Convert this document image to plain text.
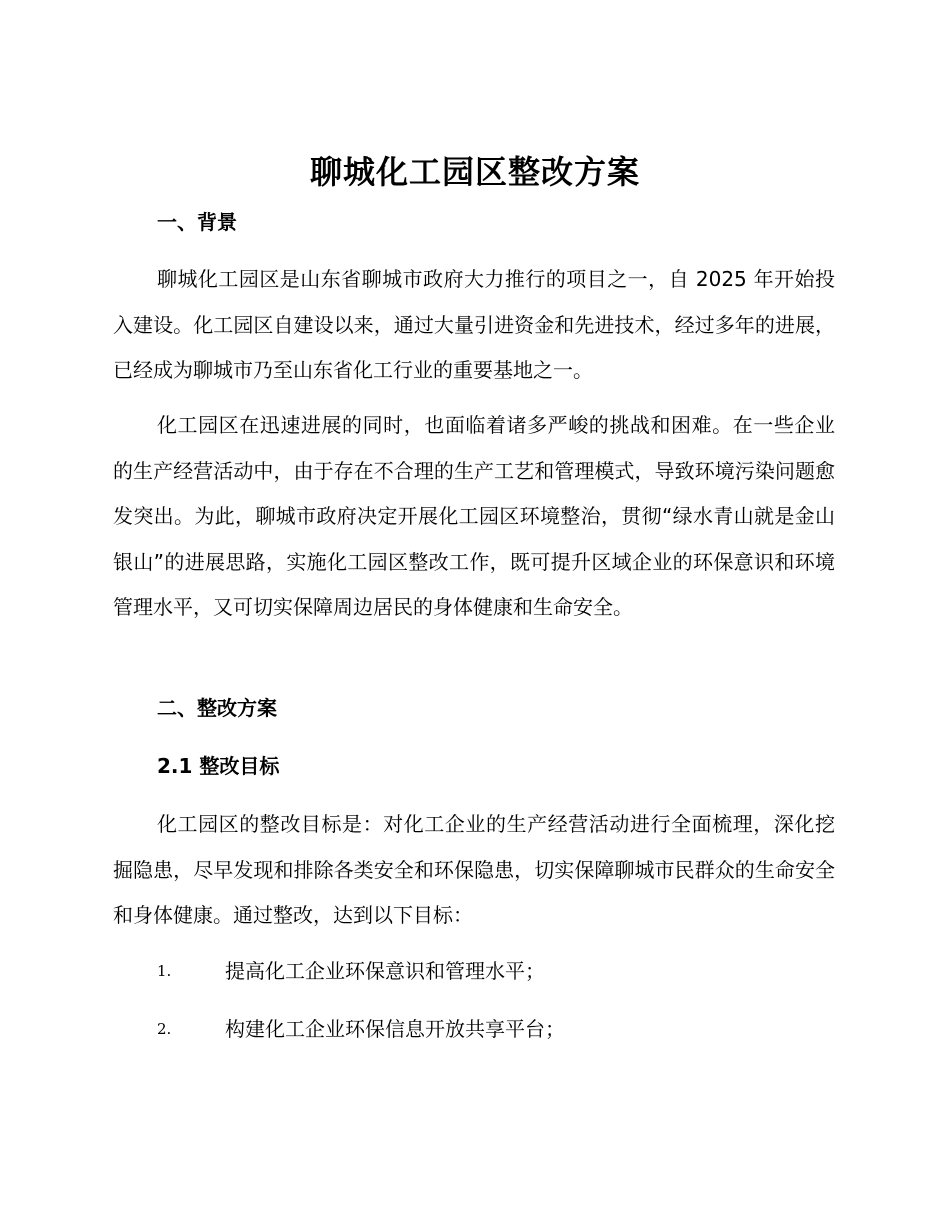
聊城化工园区整改方案
一、背景

聊城化工园区是山东省聊城市政府大力推行的项目之一，自 2025 年开始投入建设。化工园区自建设以来，通过大量引进资金和先进技术，经过多年的进展，已经成为聊城市乃至山东省化工行业的重要基地之一。

化工园区在迅速进展的同时，也面临着诸多严峻的挑战和困难。在一些企业的生产经营活动中，由于存在不合理的生产工艺和管理模式，导致环境污染问题愈发突出。为此，聊城市政府决定开展化工园区环境整治，贯彻“绿水青山就是金山银山”的进展思路，实施化工园区整改工作，既可提升区域企业的环保意识和环境管理水平，又可切实保障周边居民的身体健康和生命安全。

二、整改方案
2.1 整改目标

化工园区的整改目标是：对化工企业的生产经营活动进行全面梳理，深化挖掘隐患，尽早发现和排除各类安全和环保隐患，切实保障聊城市民群众的生命安全和身体健康。通过整改，达到以下目标：

1.	提高化工企业环保意识和管理水平；
2.	构建化工企业环保信息开放共享平台；
